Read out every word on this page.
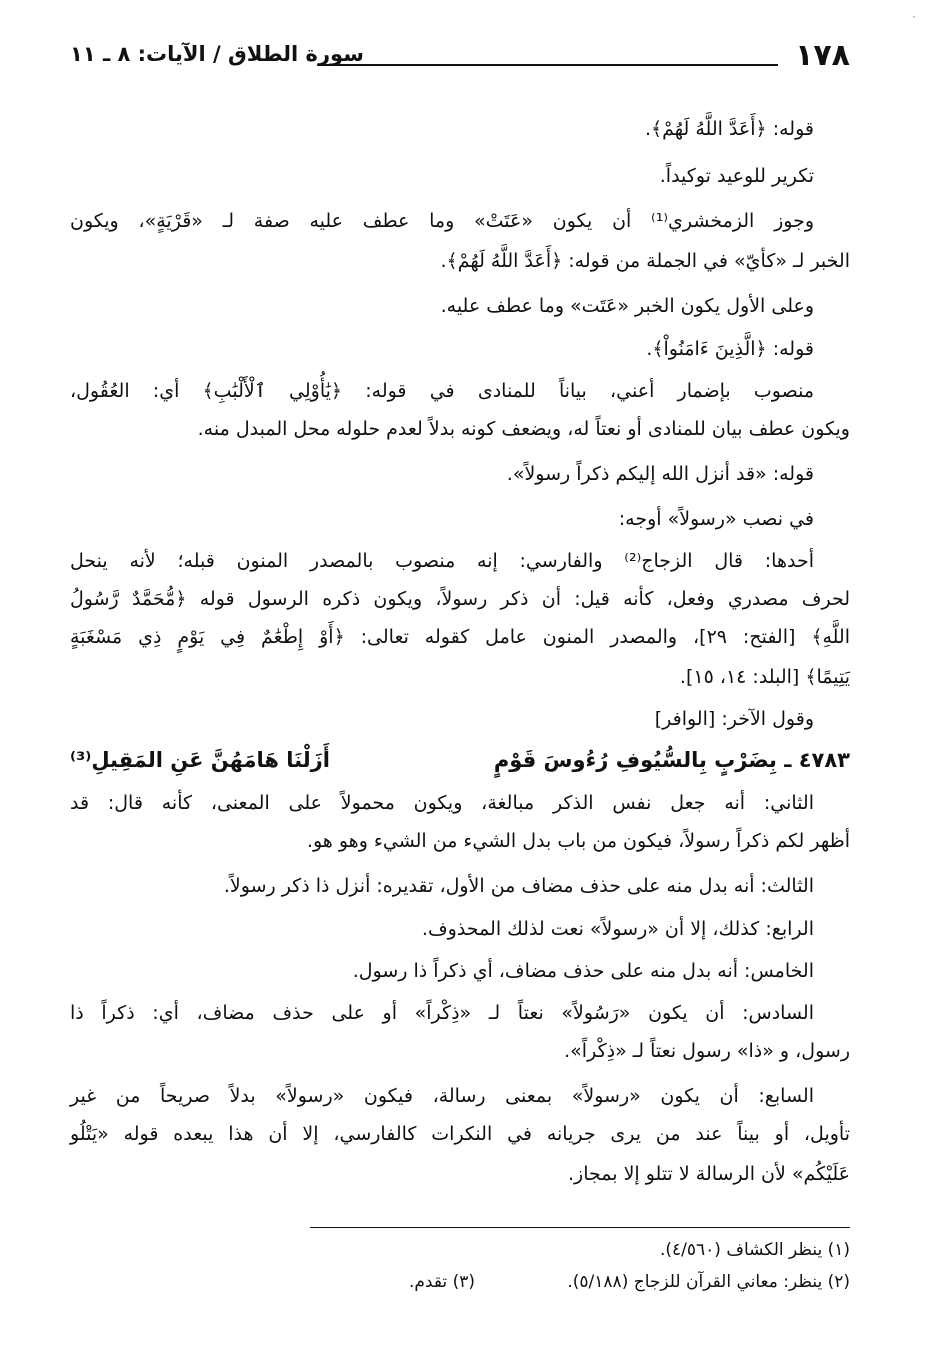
·
١٧٨
سورة الطلاق / الآيات: ٨ ـ ١١
قوله: ﴿أَعَدَّ اللَّهُ لَهُمْ﴾.
تكرير للوعيد توكيداً.
وجوز الزمخشري⁽¹⁾ أن يكون «عَتَتْ» وما عطف عليه صفة لـ «قَرْيَةٍ»، ويكون
الخبر لـ «كأيّ» في الجملة من قوله: ﴿أَعَدَّ اللَّهُ لَهُمْ﴾.
وعلى الأول يكون الخبر «عَتَت» وما عطف عليه.
قوله: ﴿الَّذِينَ ءَامَنُواْ﴾.
منصوب بإضمار أعني، بياناً للمنادى في قوله: ﴿يَٰأُوْلِي ٱلْأَلْبَٰبِ﴾ أي: العُقُول،
ويكون عطف بيان للمنادى أو نعتاً له، ويضعف كونه بدلاً لعدم حلوله محل المبدل منه.
قوله: «قد أنزل الله إليكم ذكراً رسولاً».
في نصب «رسولاً» أوجه:
أحدها: قال الزجاج⁽²⁾ والفارسي: إنه منصوب بالمصدر المنون قبله؛ لأنه ينحل
لحرف مصدري وفعل، كأنه قيل: أن ذكر رسولاً، ويكون ذكره الرسول قوله ﴿مُّحَمَّدٌ رَّسُولُ
اللَّهِ﴾ [الفتح: ٢٩]، والمصدر المنون عامل كقوله تعالى: ﴿أَوْ إِطْعَٰمٌ فِي يَوْمٍ ذِي مَسْغَبَةٍ
يَتِيمًا﴾ [البلد: ١٤، ١٥].
وقول الآخر: [الوافر]
٤٧٨٣ ـ بِضَرْبٍ بِالسُّيُوفِ رُءُوسَ قَوْمٍ
أَزَلْنَا هَامَهُنَّ عَنِ المَقِيلِ⁽³⁾
الثاني: أنه جعل نفس الذكر مبالغة، ويكون محمولاً على المعنى، كأنه قال: قد
أظهر لكم ذكراً رسولاً، فيكون من باب بدل الشيء من الشيء وهو هو.
الثالث: أنه بدل منه على حذف مضاف من الأول، تقديره: أنزل ذا ذكر رسولاً.
الرابع: كذلك، إلا أن «رسولاً» نعت لذلك المحذوف.
الخامس: أنه بدل منه على حذف مضاف، أي ذكراً ذا رسول.
السادس: أن يكون «رَسُولاً» نعتاً لـ «ذِكْراً» أو على حذف مضاف، أي: ذكراً ذا
رسول، و «ذا» رسول نعتاً لـ «ذِكْراً».
السابع: أن يكون «رسولاً» بمعنى رسالة، فيكون «رسولاً» بدلاً صريحاً من غير
تأويل، أو بيناً عند من يرى جريانه في النكرات كالفارسي، إلا أن هذا يبعده قوله «يَتْلُو
عَلَيْكُم» لأن الرسالة لا تتلو إلا بمجاز.
(١) ينظر الكشاف (٤/٥٦٠).
(٢) ينظر: معاني القرآن للزجاج (٥/١٨٨).
(٣) تقدم.
